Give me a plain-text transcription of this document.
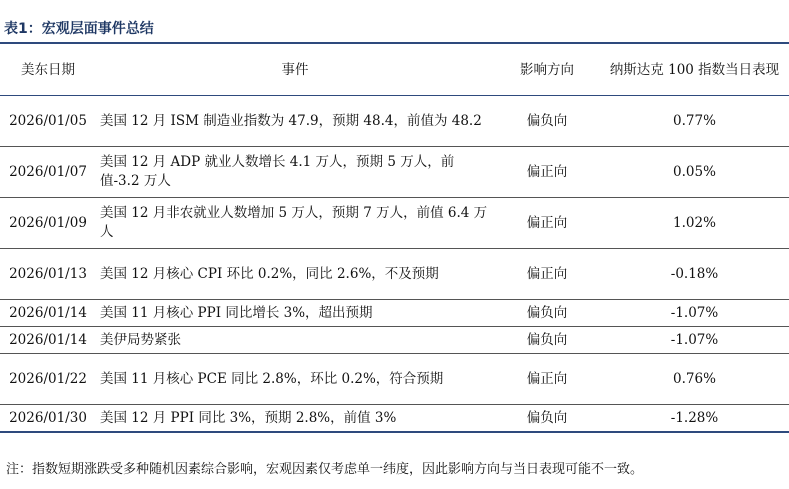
表1：宏观层面事件总结
美东日期	事件	影响方向	纳斯达克 100 指数当日表现
2026/01/05	美国 12 月 ISM 制造业指数为 47.9，预期 48.4，前值为 48.2	偏负向	0.77%
2026/01/07	美国 12 月 ADP 就业人数增长 4.1 万人，预期 5 万人，前值-3.2 万人	偏正向	0.05%
2026/01/09	美国 12 月非农就业人数增加 5 万人，预期 7 万人，前值 6.4 万人	偏正向	1.02%
2026/01/13	美国 12 月核心 CPI 环比 0.2%，同比 2.6%，不及预期	偏正向	-0.18%
2026/01/14	美国 11 月核心 PPI 同比增长 3%，超出预期	偏负向	-1.07%
2026/01/14	美伊局势紧张	偏负向	-1.07%
2026/01/22	美国 11 月核心 PCE 同比 2.8%，环比 0.2%，符合预期	偏正向	0.76%
2026/01/30	美国 12 月 PPI 同比 3%，预期 2.8%，前值 3%	偏负向	-1.28%
注：指数短期涨跌受多种随机因素综合影响，宏观因素仅考虑单一纬度，因此影响方向与当日表现可能不一致。
